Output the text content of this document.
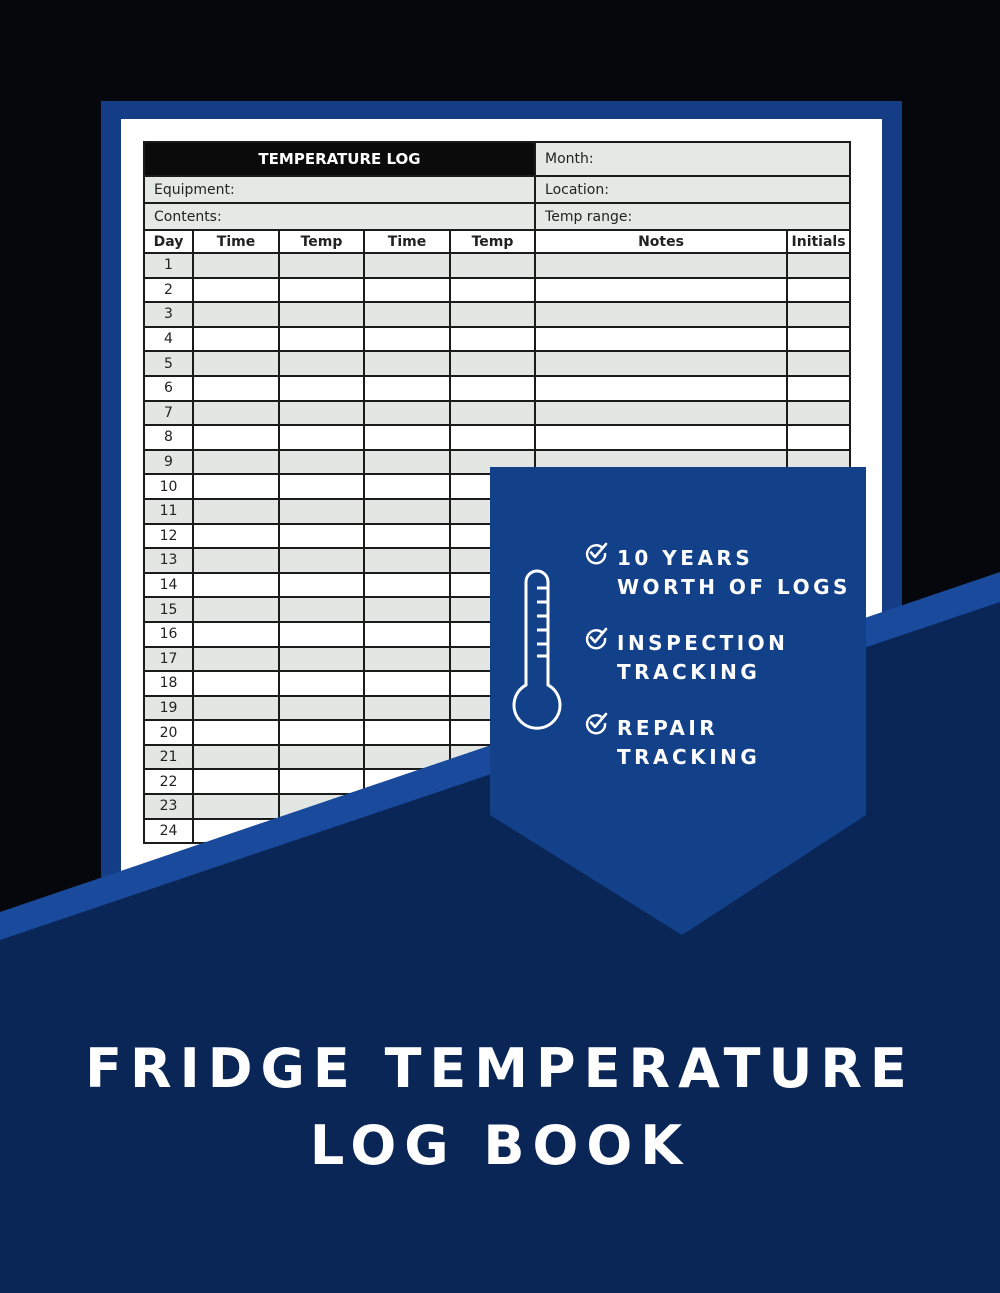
TEMPERATURE LOG					Month:	
Equipment:					Location:	
Contents:					Temp range:	
Day	Time	Temp	Time	Temp	Notes	Initials
1						
2						
3						
4						
5						
6						
7						
8						
9						
10						
11						
12						
13						
14						
15						
16						
17						
18						
19						
20						
21						
22						
23						
24						
10 YEARS
WORTH OF LOGS
INSPECTION
TRACKING
REPAIR
TRACKING
FRIDGE TEMPERATURE
LOG BOOK
